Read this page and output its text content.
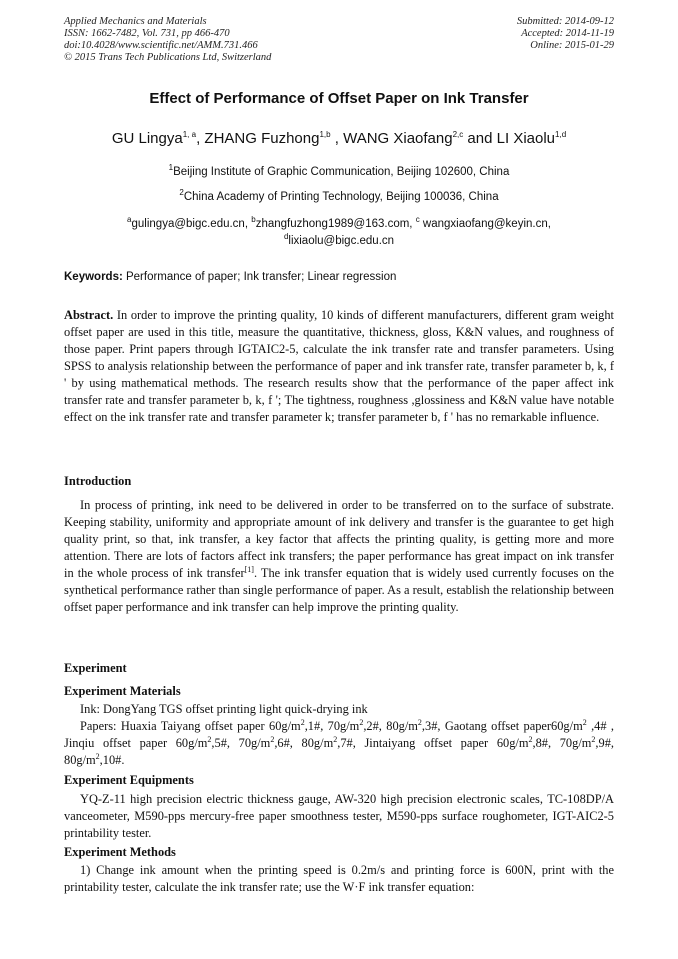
Applied Mechanics and Materials
ISSN: 1662-7482, Vol. 731, pp 466-470
doi:10.4028/www.scientific.net/AMM.731.466
© 2015 Trans Tech Publications Ltd, Switzerland
Submitted: 2014-09-12
Accepted: 2014-11-19
Online: 2015-01-29
Effect of Performance of Offset Paper on Ink Transfer
GU Lingya$^{1, a}$, ZHANG Fuzhong$^{1,b}$ , WANG Xiaofang$^{2,c}$ and LI Xiaolu$^{1,d}$
$^1$Beijing Institute of Graphic Communication, Beijing 102600, China
$^2$China Academy of Printing Technology, Beijing 100036, China
$^a$gulingya@bigc.edu.cn, $^b$zhangfuzhong1989@163.com, $^c$ wangxiaofang@keyin.cn,
$^d$lixiaolu@bigc.edu.cn
Keywords: Performance of paper; Ink transfer; Linear regression
Abstract. In order to improve the printing quality, 10 kinds of different manufacturers, different gram weight offset paper are used in this title, measure the quantitative, thickness, gloss, K&N values, and roughness of those paper. Print papers through IGTAIC2-5, calculate the ink transfer rate and transfer parameters. Using SPSS to analysis relationship between the performance of paper and ink transfer rate, transfer parameter b, k, f ' by using mathematical methods. The research results show that the performance of the paper affect ink transfer rate and transfer parameter b, k, f '; The tightness, roughness ,glossiness and K&N value have notable effect on the ink transfer rate and transfer parameter k; transfer parameter b, f ' has no remarkable influence.
Introduction
In process of printing, ink need to be delivered in order to be transferred on to the surface of substrate. Keeping stability, uniformity and appropriate amount of ink delivery and transfer is the guarantee to get high quality print, so that, ink transfer, a key factor that affects the printing quality, is getting more and more attention. There are lots of factors affect ink transfers; the paper performance has great impact on ink transfer in the whole process of ink transfer[1]. The ink transfer equation that is widely used currently focuses on the synthetical performance rather than single performance of paper. As a result, establish the relationship between offset paper performance and ink transfer can help improve the printing quality.
Experiment
Experiment Materials
Ink: DongYang TGS offset printing light quick-drying ink
Papers: Huaxia Taiyang offset paper $60g/m^2,1\#$, $70g/m^2,2\#$, $80g/m^2,3\#$, Gaotang offset $paper60g/m^2$ ,4# , Jinqiu offset paper $60g/m^2,5\#$, $70g/m^2,6\#$, $80g/m^2,7\#$, Jintaiyang offset paper $60g/m^2,8\#$, $70g/m^2,9\#$, $80g/m^2,10\#$.
Experiment Equipments
YQ-Z-11 high precision electric thickness gauge, AW-320 high precision electronic scales, TC-108DP/A vanceometer, M590-pps mercury-free paper smoothness tester, M590-pps surface roughometer, IGT-AIC2-5 printability tester.
Experiment Methods
1) Change ink amount when the printing speed is 0.2m/s and printing force is 600N, print with the printability tester, calculate the ink transfer rate; use the W·F ink transfer equation:
